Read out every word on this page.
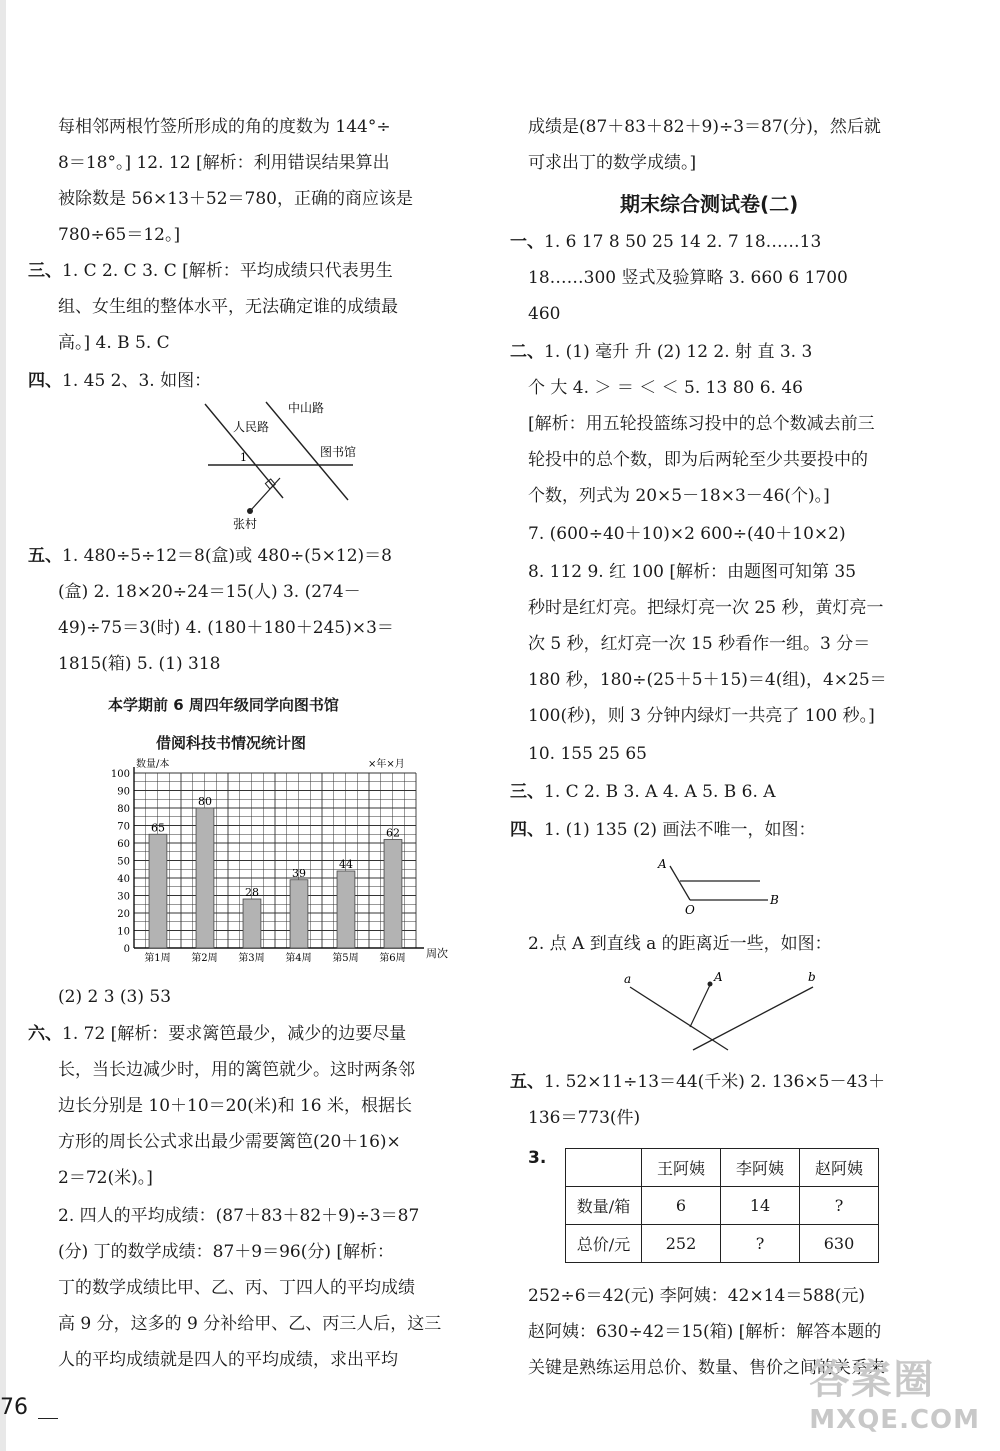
每相邻两根竹签所形成的角的度数为 144°÷
8＝18°。] 12. 12 [解析：利用错误结果算出
被除数是 56×13＋52＝780，正确的商应该是
780÷65＝12。]
三、1. C 2. C 3. C [解析：平均成绩只代表男生
组、女生组的整体水平，无法确定谁的成绩最
高。] 4. B 5. C
四、1. 45 2、3. 如图：
人民路
中山路
图书馆
张村
1
五、1. 480÷5÷12＝8(盒)或 480÷(5×12)＝8
(盒) 2. 18×20÷24＝15(人) 3. (274－
49)÷75＝3(时) 4. (180＋180＋245)×3＝
1815(箱) 5. (1) 318
本学期前 6 周四年级同学向图书馆
借阅科技书情况统计图
0
10
20
30
40
50
60
70
80
90
100
65
第1周
80
第2周
28
第3周
39
第4周
44
第5周
62
第6周
数量/本	×年×月
周次
(2) 2 3 (3) 53
六、1. 72 [解析：要求篱笆最少，减少的边要尽量
长，当长边减少时，用的篱笆就少。这时两条邻
边长分别是 10＋10＝20(米)和 16 米，根据长
方形的周长公式求出最少需要篱笆(20＋16)×
2＝72(米)。]
2. 四人的平均成绩：(87＋83＋82＋9)÷3＝87
(分) 丁的数学成绩：87＋9＝96(分) [解析：
丁的数学成绩比甲、乙、丙、丁四人的平均成绩
高 9 分，这多的 9 分补给甲、乙、丙三人后，这三
人的平均成绩就是四人的平均成绩，求出平均
成绩是(87＋83＋82＋9)÷3＝87(分)，然后就
可求出丁的数学成绩。]
期末综合测试卷(二)
一、1. 6 17 8 50 25 14 2. 7 18……13
18……300 竖式及验算略 3. 660 6 1700
460
二、1. (1) 毫升 升 (2) 12 2. 射 直 3. 3
个 大 4. ＞ ＝ ＜ ＜ 5. 13 80 6. 46
[解析：用五轮投篮练习投中的总个数减去前三
轮投中的总个数，即为后两轮至少共要投中的
个数，列式为 20×5－18×3－46(个)。]
7. (600÷40＋10)×2 600÷(40＋10×2)
8. 112 9. 红 100 [解析：由题图可知第 35
秒时是红灯亮。把绿灯亮一次 25 秒，黄灯亮一
次 5 秒，红灯亮一次 15 秒看作一组。3 分＝
180 秒，180÷(25＋5＋15)＝4(组)，4×25＝
100(秒)，则 3 分钟内绿灯一共亮了 100 秒。]
10. 155 25 65
三、1. C 2. B 3. A 4. A 5. B 6. A
四、1. (1) 135 (2) 画法不唯一，如图：
A
O
B
2. 点 A 到直线 a 的距离近一些，如图：
a	A	b
五、1. 52×11÷13＝44(千米) 2. 136×5－43＋
136＝773(件)
3.
252÷6＝42(元) 李阿姨：42×14＝588(元)
赵阿姨：630÷42＝15(箱) [解析：解答本题的
关键是熟练运用总价、数量、售价之间的关系来
	王阿姨	李阿姨	赵阿姨
数量/箱	6	14	?
总价/元	252	?	630
76
答案圈
MXQE.COM
